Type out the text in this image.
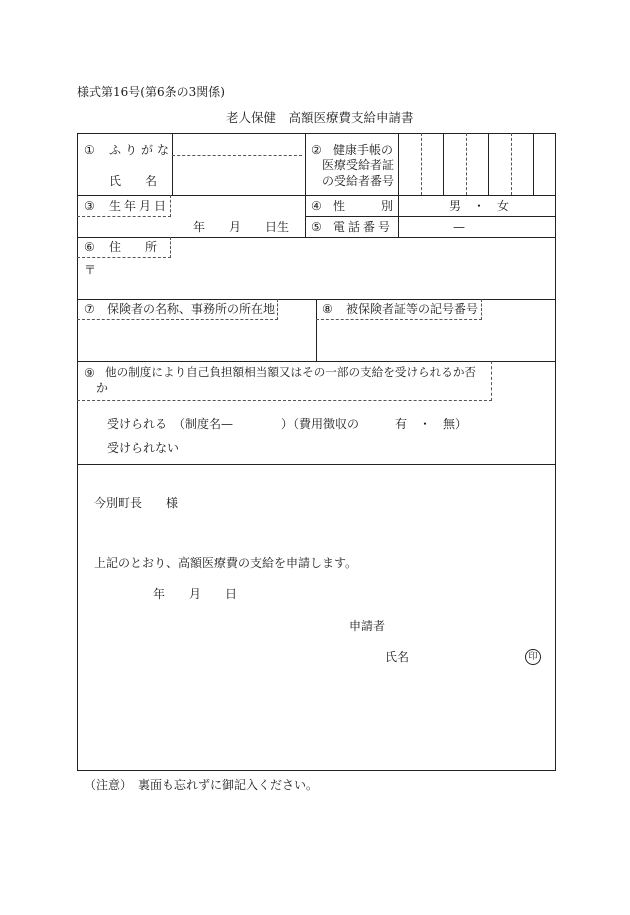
様式第16号(第6条の3関係)
老人保健　高額医療費支給申請書
① ふりがな
氏　　名
② 健康手帳の
医療受給者証
の受給者番号
③ 生年月日
年　　月　　日生
④ 性　　別	男　・　女
⑤ 電話番号	—
⑥ 住　　所
〒
⑦ 保険者の名称、事務所の所在地	⑧ 被保険者証等の記号番号
⑨ 他の制度により自己負担額相当額又はその一部の支給を受けられるか否
か
受けられる　（制度名—　　　　）（費用徴収の　　　有　・　無）
受けられない
今別町長　　様
上記のとおり、高額医療費の支給を申請します。
年　　月　　日
申請者
氏名	印
（注意）　裏面も忘れずに御記入ください。
